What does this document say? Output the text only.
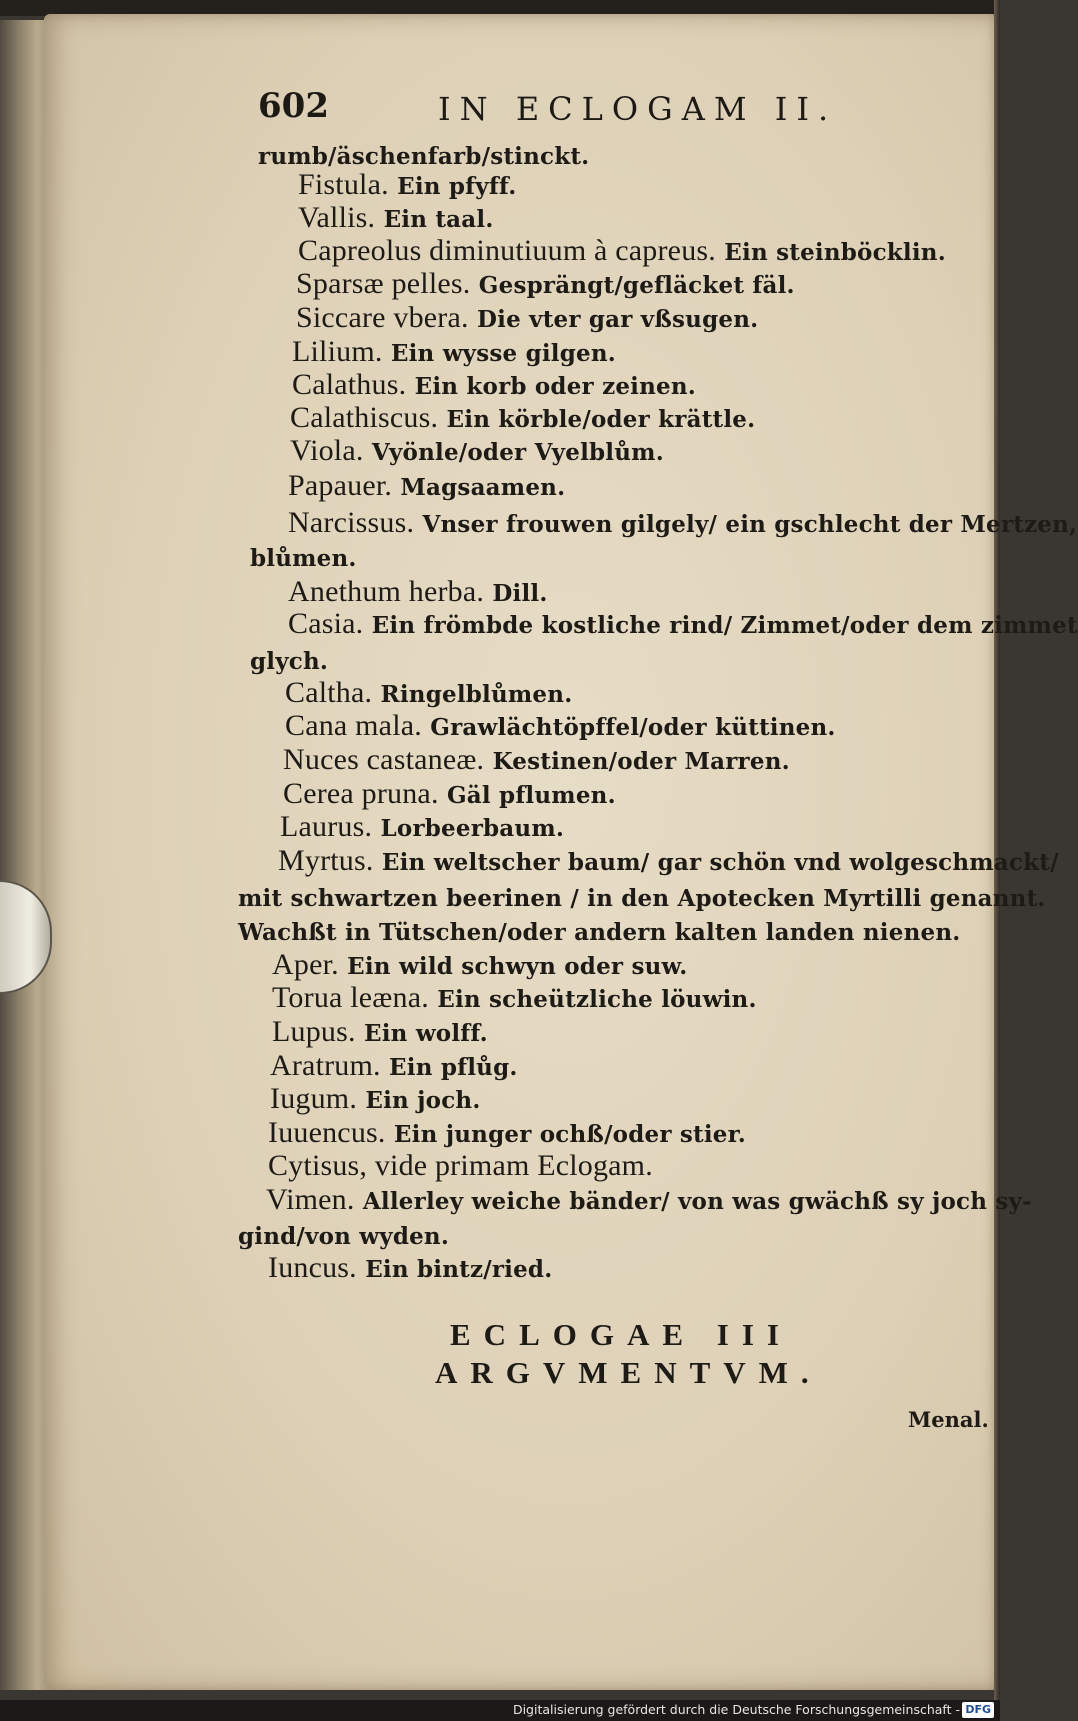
602	IN ECLOGAM II.
rumb/äschenfarb/stinckt.
Fistula. Ein pfyff.
Vallis. Ein taal.
Capreolus diminutiuum à capreus. Ein steinböcklin.
Sparsæ pelles. Gesprängt/gefläcket fäl.
Siccare vbera. Die vter gar vßsugen.
Lilium. Ein wysse gilgen.
Calathus. Ein korb oder zeinen.
Calathiscus. Ein körble/oder krättle.
Viola. Vyönle/oder Vyelblům.
Papauer. Magsaamen.
Narcissus. Vnser frouwen gilgely/ ein gschlecht der Mertzen,
blůmen.
Anethum herba. Dill.
Casia. Ein frömbde kostliche rind/ Zimmet/oder dem zimmet
glych.
Caltha. Ringelblůmen.
Cana mala. Grawlächtöpffel/oder küttinen.
Nuces castaneæ. Kestinen/oder Marren.
Cerea pruna. Gäl pflumen.
Laurus. Lorbeerbaum.
Myrtus. Ein weltscher baum/ gar schön vnd wolgeschmackt/
mit schwartzen beerinen / in den Apotecken Myrtilli genannt.
Wachßt in Tütschen/oder andern kalten landen nienen.
Aper. Ein wild schwyn oder suw.
Torua leæna. Ein scheützliche löuwin.
Lupus. Ein wolff.
Aratrum. Ein pflůg.
Iugum. Ein joch.
Iuuencus. Ein junger ochß/oder stier.
Cytisus, vide primam Eclogam.
Vimen. Allerley weiche bänder/ von was gwächß sy joch sy-
gind/von wyden.
Iuncus. Ein bintz/ried.
ECLOGAE III
ARGVMENTVM.
Menal.
Digitalisierung gefördert durch die Deutsche Forschungsgemeinschaft - DFG
